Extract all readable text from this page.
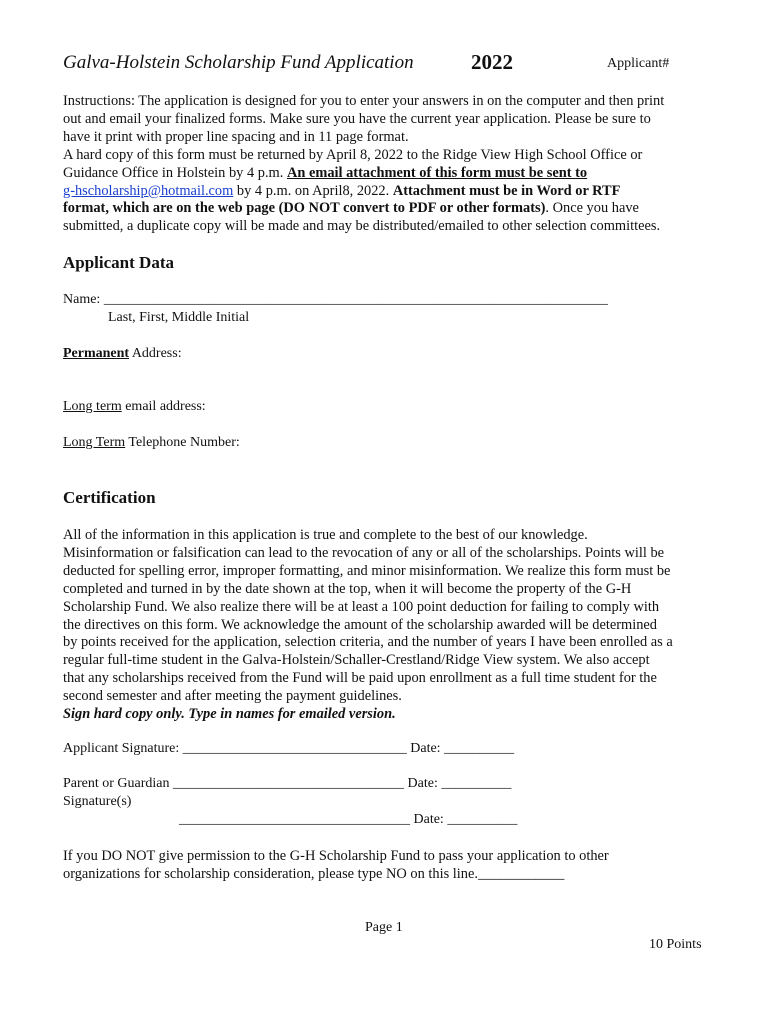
Galva-Holstein Scholarship Fund Application	2022	Applicant#
Instructions: The application is designed for you to enter your answers in on the computer and then print
out and email your finalized forms. Make sure you have the current year application. Please be sure to
have it print with proper line spacing and in 11 page format.
A hard copy of this form must be returned by April 8, 2022 to the Ridge View High School Office or
Guidance Office in Holstein by 4 p.m. An email attachment of this form must be sent to
g-hscholarship@hotmail.com by 4 p.m. on April8, 2022. Attachment must be in Word or RTF
format, which are on the web page (DO NOT convert to PDF or other formats). Once you have
submitted, a duplicate copy will be made and may be distributed/emailed to other selection committees.
Applicant Data
Name: ________________________________________________________________________
Last, First, Middle Initial
Permanent Address:
Long term email address:
Long Term Telephone Number:
Certification
All of the information in this application is true and complete to the best of our knowledge.
Misinformation or falsification can lead to the revocation of any or all of the scholarships. Points will be
deducted for spelling error, improper formatting, and minor misinformation. We realize this form must be
completed and turned in by the date shown at the top, when it will become the property of the G-H
Scholarship Fund. We also realize there will be at least a 100 point deduction for failing to comply with
the directives on this form. We acknowledge the amount of the scholarship awarded will be determined
by points received for the application, selection criteria, and the number of years I have been enrolled as a
regular full-time student in the Galva-Holstein/Schaller-Crestland/Ridge View system. We also accept
that any scholarships received from the Fund will be paid upon enrollment as a full time student for the
second semester and after meeting the payment guidelines.
Sign hard copy only. Type in names for emailed version.
Applicant Signature: ________________________________ Date: __________
Parent or Guardian _________________________________ Date: __________
Signature(s)
_________________________________ Date: __________
If you DO NOT give permission to the G-H Scholarship Fund to pass your application to other
organizations for scholarship consideration, please type NO on this line.____________
Page 1
10 Points
